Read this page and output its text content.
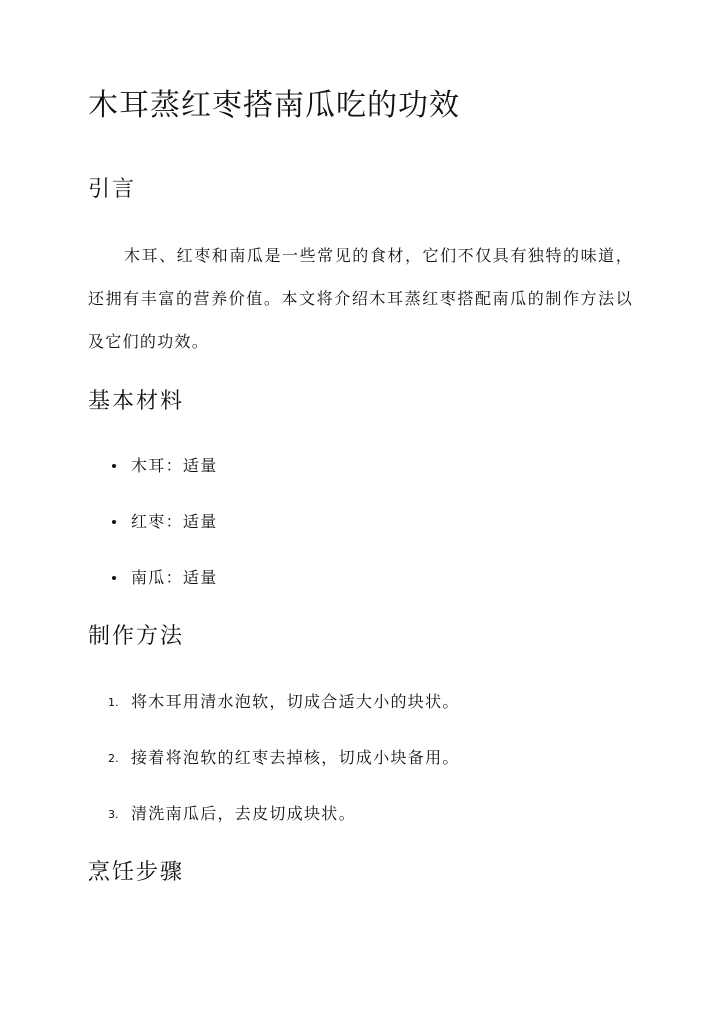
木耳蒸红枣搭南瓜吃的功效
引言

木耳、红枣和南瓜是一些常见的食材，它们不仅具有独特的味道，还拥有丰富的营养价值。本文将介绍木耳蒸红枣搭配南瓜的制作方法以及它们的功效。

基本材料
木耳：适量
红枣：适量
南瓜：适量
制作方法
1. 将木耳用清水泡软，切成合适大小的块状。
2. 接着将泡软的红枣去掉核，切成小块备用。
3. 清洗南瓜后，去皮切成块状。
烹饪步骤
